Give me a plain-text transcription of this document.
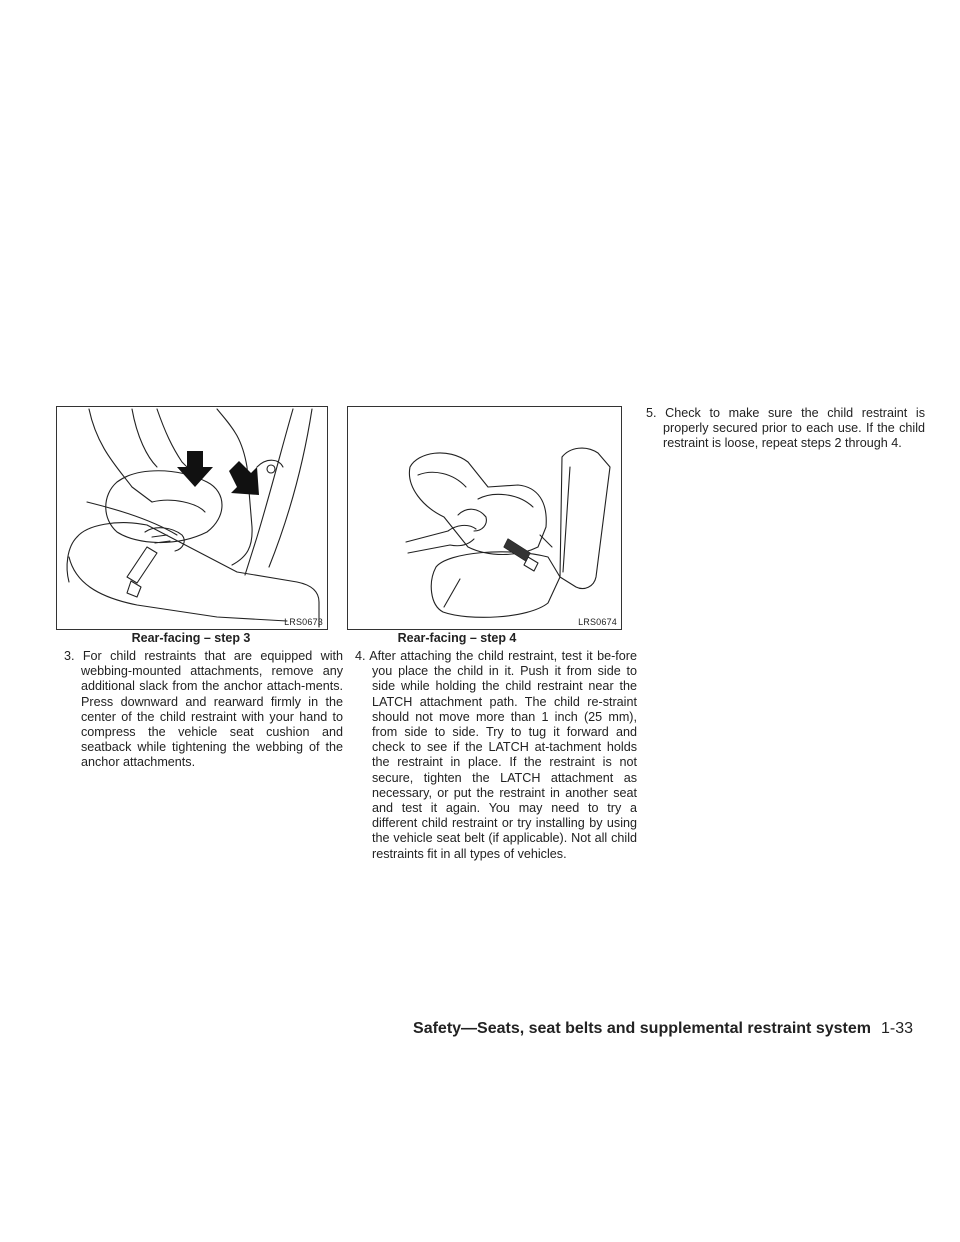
LRS0673
Rear-facing – step 3
LRS0674
Rear-facing – step 4
3. For child restraints that are equipped with webbing-mounted attachments, remove any additional slack from the anchor attach-ments. Press downward and rearward firmly in the center of the child restraint with your hand to compress the vehicle seat cushion and seatback while tightening the webbing of the anchor attachments.
4. After attaching the child restraint, test it be-fore you place the child in it. Push it from side to side while holding the child restraint near the LATCH attachment path. The child re-straint should not move more than 1 inch (25 mm), from side to side. Try to tug it forward and check to see if the LATCH at-tachment holds the restraint in place. If the restraint is not secure, tighten the LATCH attachment as necessary, or put the restraint in another seat and test it again. You may need to try a different child restraint or try installing by using the vehicle seat belt (if applicable). Not all child restraints fit in all types of vehicles.
5. Check to make sure the child restraint is properly secured prior to each use. If the child restraint is loose, repeat steps 2 through 4.
Safety—Seats, seat belts and supplemental restraint system 1-33
